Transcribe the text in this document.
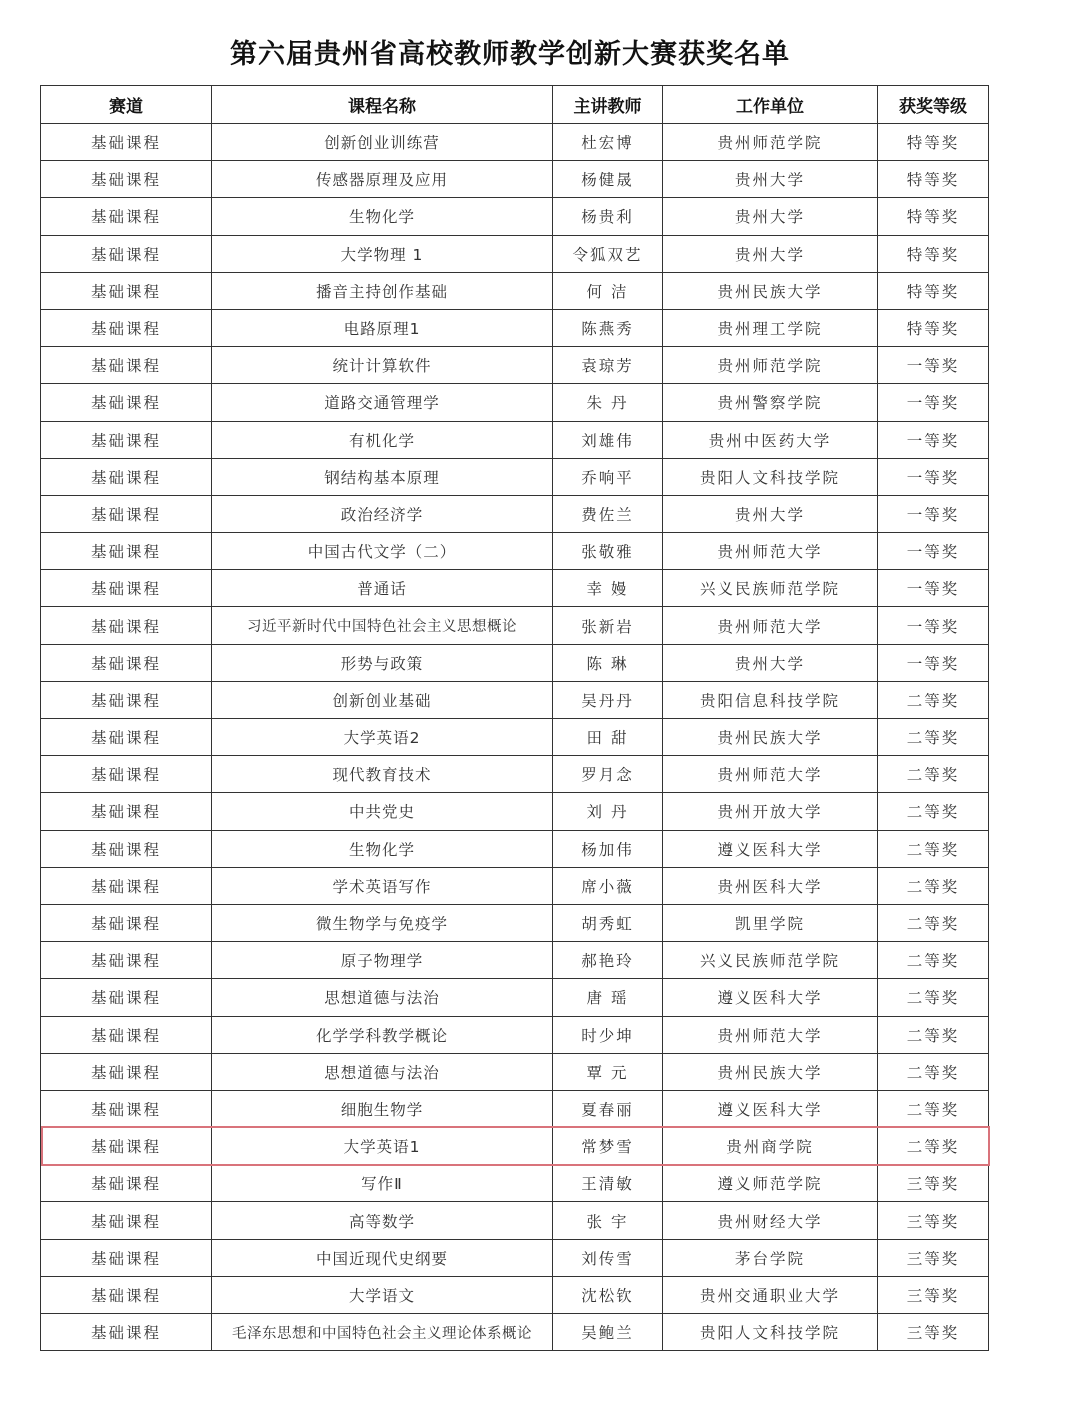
第六届贵州省高校教师教学创新大赛获奖名单
赛道	课程名称	主讲教师	工作单位	获奖等级
基础课程	创新创业训练营	杜宏博	贵州师范学院	特等奖
基础课程	传感器原理及应用	杨健晟	贵州大学	特等奖
基础课程	生物化学	杨贵利	贵州大学	特等奖
基础课程	大学物理 1	令狐双艺	贵州大学	特等奖
基础课程	播音主持创作基础	何 洁	贵州民族大学	特等奖
基础课程	电路原理1	陈燕秀	贵州理工学院	特等奖
基础课程	统计计算软件	袁琼芳	贵州师范学院	一等奖
基础课程	道路交通管理学	朱 丹	贵州警察学院	一等奖
基础课程	有机化学	刘雄伟	贵州中医药大学	一等奖
基础课程	钢结构基本原理	乔响平	贵阳人文科技学院	一等奖
基础课程	政治经济学	费佐兰	贵州大学	一等奖
基础课程	中国古代文学（二）	张敬雅	贵州师范大学	一等奖
基础课程	普通话	幸 嫚	兴义民族师范学院	一等奖
基础课程	习近平新时代中国特色社会主义思想概论	张新岩	贵州师范大学	一等奖
基础课程	形势与政策	陈 琳	贵州大学	一等奖
基础课程	创新创业基础	吴丹丹	贵阳信息科技学院	二等奖
基础课程	大学英语2	田 甜	贵州民族大学	二等奖
基础课程	现代教育技术	罗月念	贵州师范大学	二等奖
基础课程	中共党史	刘 丹	贵州开放大学	二等奖
基础课程	生物化学	杨加伟	遵义医科大学	二等奖
基础课程	学术英语写作	席小薇	贵州医科大学	二等奖
基础课程	微生物学与免疫学	胡秀虹	凯里学院	二等奖
基础课程	原子物理学	郝艳玲	兴义民族师范学院	二等奖
基础课程	思想道德与法治	唐 瑶	遵义医科大学	二等奖
基础课程	化学学科教学概论	时少坤	贵州师范大学	二等奖
基础课程	思想道德与法治	覃 元	贵州民族大学	二等奖
基础课程	细胞生物学	夏春丽	遵义医科大学	二等奖
基础课程	大学英语1	常梦雪	贵州商学院	二等奖
基础课程	写作Ⅱ	王清敏	遵义师范学院	三等奖
基础课程	高等数学	张 宇	贵州财经大学	三等奖
基础课程	中国近现代史纲要	刘传雪	茅台学院	三等奖
基础课程	大学语文	沈松钦	贵州交通职业大学	三等奖
基础课程	毛泽东思想和中国特色社会主义理论体系概论	吴鲍兰	贵阳人文科技学院	三等奖
